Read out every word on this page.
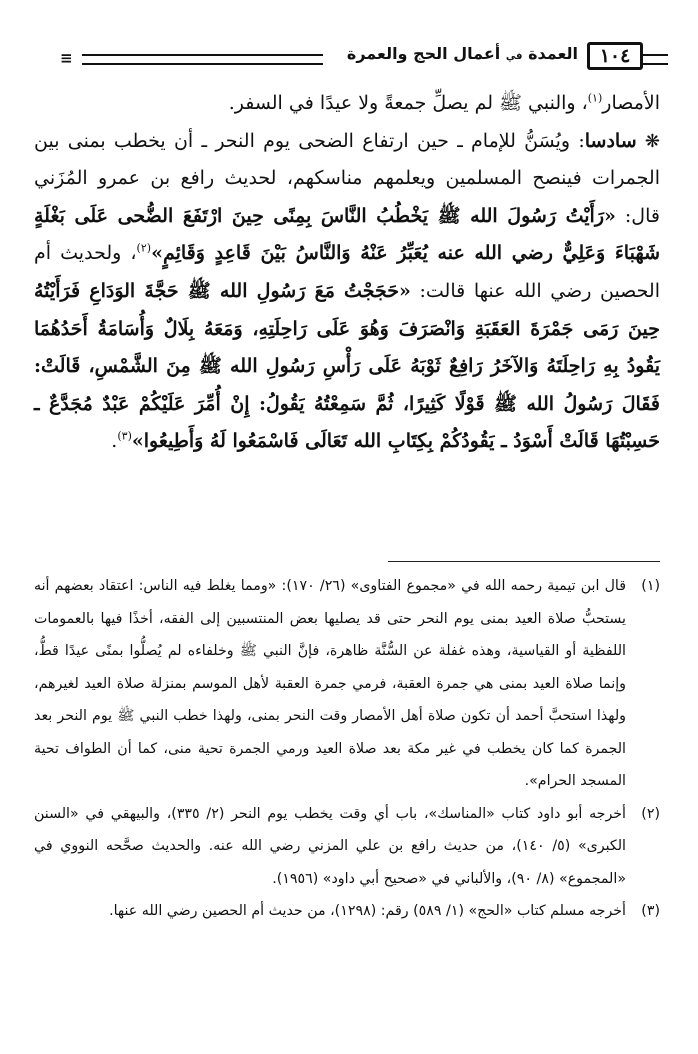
١٠٤
العمدة في أعمال الحج والعمرة
≡

الأمصار$^{(١)}$، والنبي ﷺ لم يصلِّ جمعةً ولا عيدًا في السفر.

❋ سادسا: ويُسَنُّ للإمام ـ حين ارتفاع الضحى يوم النحر ـ أن يخطب بمنى بين الجمرات فينصح المسلمين ويعلمهم مناسكهم، لحديث رافع بن عمرو المُزَني قال: «رَأَيْتُ رَسُولَ الله ﷺ يَخْطُبُ النَّاسَ بِمِنًى حِينَ ارْتَفَعَ الضُّحى عَلَى بَغْلَةٍ شَهْبَاءَ وَعَلِيٌّ رضي الله عنه يُعَبِّرُ عَنْهُ وَالنَّاسُ بَيْنَ قَاعِدٍ وَقَائِمٍ»$^{(٢)}$، ولحديث أم الحصين رضي الله عنها قالت: «حَجَجْتُ مَعَ رَسُولِ الله ﷺ حَجَّةَ الوَدَاعِ فَرَأَيْتُهُ حِينَ رَمَى جَمْرَةَ العَقَبَةِ وَانْصَرَفَ وَهُوَ عَلَى رَاحِلَتِهِ، وَمَعَهُ بِلَالٌ وَأُسَامَةُ أَحَدُهُمَا يَقُودُ بِهِ رَاحِلَتَهُ وَالآخَرُ رَافِعٌ ثَوْبَهُ عَلَى رَأْسِ رَسُولِ الله ﷺ مِنَ الشَّمْسِ، قَالَتْ: فَقَالَ رَسُولُ الله ﷺ قَوْلًا كَثِيرًا، ثُمَّ سَمِعْتُهُ يَقُولُ: إِنْ أُمِّرَ عَلَيْكُمْ عَبْدٌ مُجَدَّعٌ ـ حَسِبْتُهَا قَالَتْ أَسْوَدُ ـ يَقُودُكُمْ بِكِتَابِ الله تَعَالَى فَاسْمَعُوا لَهُ وَأَطِيعُوا»$^{(٣)}$.

(١)
قال ابن تيمية رحمه الله في «مجموع الفتاوى» (٢٦/ ١٧٠): «ومما يغلط فيه الناس: اعتقاد بعضهم أنه يستحبُّ صلاة العيد بمنى يوم النحر حتى قد يصليها بعض المنتسبين إلى الفقه، أخذًا فيها بالعمومات اللفظية أو القياسية، وهذه غفلة عن السُّنَّة ظاهرة، فإنَّ النبي ﷺ وخلفاءه لم يُصلُّوا بمنًى عيدًا قطُّ، وإنما صلاة العيد بمنى هي جمرة العقبة، فرمي جمرة العقبة لأهل الموسم بمنزلة صلاة العيد لغيرهم، ولهذا استحبَّ أحمد أن تكون صلاة أهل الأمصار وقت النحر بمنى، ولهذا خطب النبي ﷺ يوم النحر بعد الجمرة كما كان يخطب في غير مكة بعد صلاة العيد ورمي الجمرة تحية منى، كما أن الطواف تحية المسجد الحرام».
(٢)
أخرجه أبو داود كتاب «المناسك»، باب أي وقت يخطب يوم النحر (٢/ ٣٣٥)، والبيهقي في «السنن الكبرى» (٥/ ١٤٠)، من حديث رافع بن علي المزني رضي الله عنه. والحديث صحَّحه النووي في «المجموع» (٨/ ٩٠)، والألباني في «صحيح أبي داود» (١٩٥٦).
(٣)
أخرجه مسلم كتاب «الحج» (١/ ٥٨٩) رقم: (١٢٩٨)، من حديث أم الحصين رضي الله عنها.
